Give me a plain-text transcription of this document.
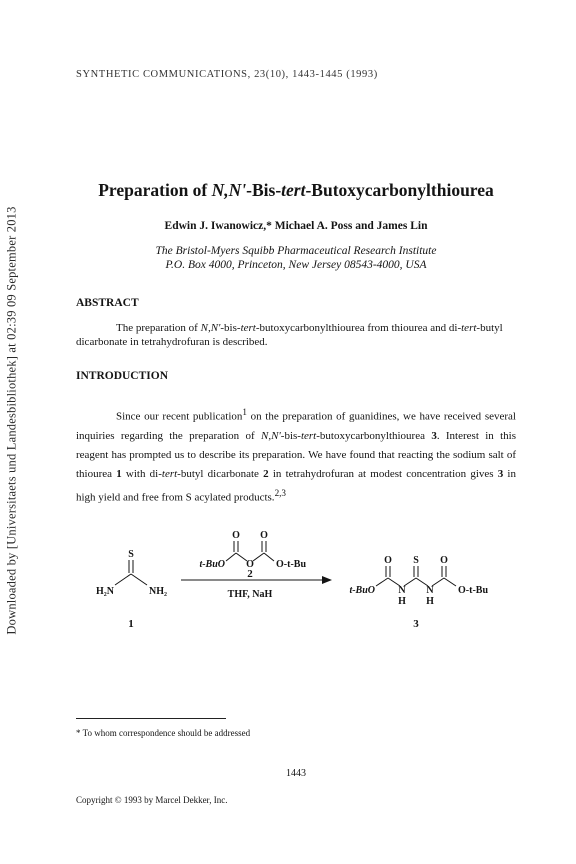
Downloaded by [Universitaets und Landesbibliothek] at 02:39 09 September 2013
SYNTHETIC COMMUNICATIONS, 23(10), 1443-1445 (1993)
Preparation of N,N'-Bis-tert-Butoxycarbonylthiourea
Edwin J. Iwanowicz,* Michael A. Poss and James Lin
The Bristol-Myers Squibb Pharmaceutical Research Institute
P.O. Box 4000, Princeton, New Jersey 08543-4000, USA
ABSTRACT
The preparation of N,N'-bis-tert-butoxycarbonylthiourea from thiourea and di-tert-butyl dicarbonate in tetrahydrofuran is described.
INTRODUCTION
Since our recent publication$^1$ on the preparation of guanidines, we have received several inquiries regarding the preparation of N,N'-bis-tert-butoxycarbonylthiourea 3. Interest in this reagent has prompted us to describe its preparation. We have found that reacting the sodium salt of thiourea 1 with di-tert-butyl dicarbonate 2 in tetrahydrofuran at modest concentration gives 3 in high yield and free from S acylated products.$^{2,3}$
S
H₂N	NH₂
1
O O
O
t-BuO	O-t-Bu
2
THF, NaH
O S O
t-BuO N N
H H
O-t-Bu
3
* To whom correspondence should be addressed
1443
Copyright © 1993 by Marcel Dekker, Inc.
